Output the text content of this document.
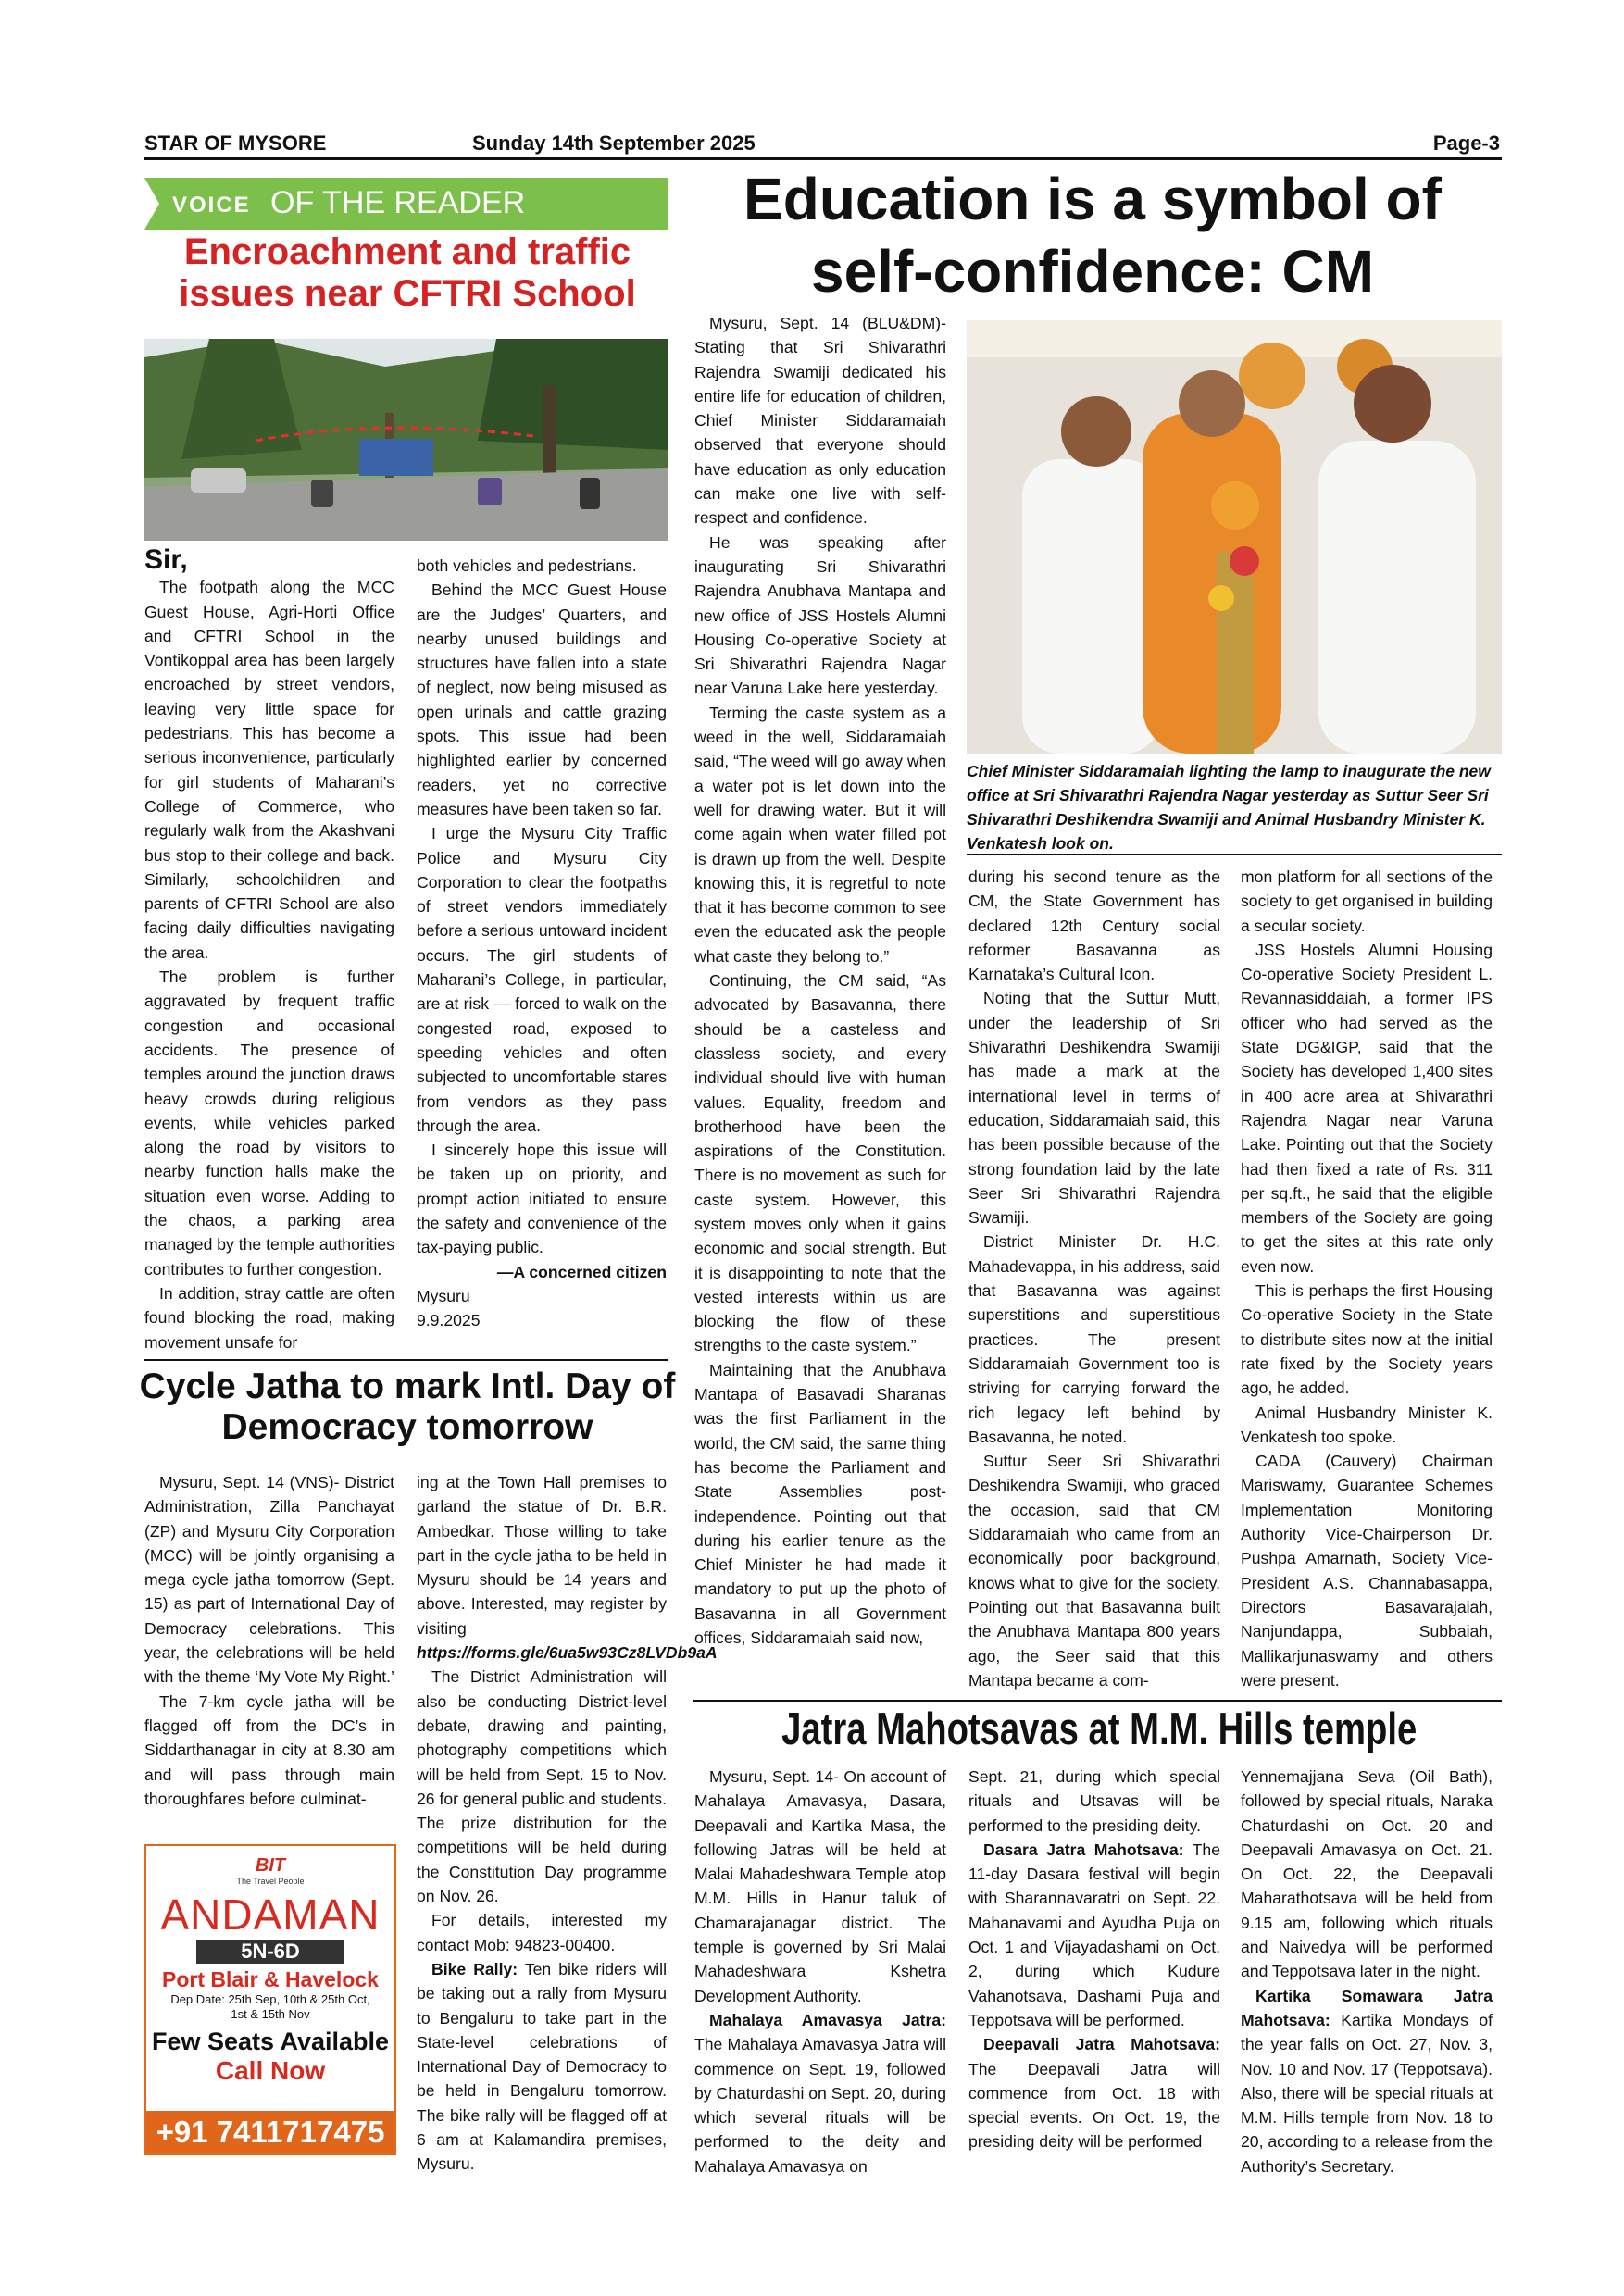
STAR OF MYSORE	Sunday 14th September 2025	Page-3
VOICE OF THE READER
Encroachment and traffic issues near CFTRI School

Sir,

The footpath along the MCC Guest House, Agri-Horti Office and CFTRI School in the Vontikoppal area has been largely encroached by street vendors, leaving very little space for pedestrians. This has become a serious inconvenience, particularly for girl students of Maharani’s College of Commerce, who regularly walk from the Akashvani bus stop to their college and back. Similarly, schoolchildren and parents of CFTRI School are also facing daily difficulties navigating the area.

The problem is further aggravated by frequent traffic congestion and occasional accidents. The presence of temples around the junction draws heavy crowds during religious events, while vehicles parked along the road by visitors to nearby function halls make the situation even worse. Adding to the chaos, a parking area managed by the temple authorities contributes to further congestion.

In addition, stray cattle are often found blocking the road, making movement unsafe for

both vehicles and pedestrians.

Behind the MCC Guest House are the Judges’ Quarters, and nearby unused buildings and structures have fallen into a state of neglect, now being misused as open urinals and cattle grazing spots. This issue had been highlighted earlier by concerned readers, yet no corrective measures have been taken so far.

I urge the Mysuru City Traffic Police and Mysuru City Corporation to clear the footpaths of street vendors immediately before a serious untoward incident occurs. The girl students of Maharani’s College, in particular, are at risk — forced to walk on the congested road, exposed to speeding vehicles and often subjected to uncomfortable stares from vendors as they pass through the area.

I sincerely hope this issue will be taken up on priority, and prompt action initiated to ensure the safety and convenience of the tax-paying public.

—A concerned citizen

Mysuru

9.9.2025

Cycle Jatha to mark Intl. Day of Democracy tomorrow

Mysuru, Sept. 14 (VNS)- District Administration, Zilla Panchayat (ZP) and Mysuru City Corporation (MCC) will be jointly organising a mega cycle jatha tomorrow (Sept. 15) as part of International Day of Democracy celebrations. This year, the celebrations will be held with the theme ‘My Vote My Right.’

The 7-km cycle jatha will be flagged off from the DC’s in Siddarthanagar in city at 8.30 am and will pass through main thoroughfares before culminat-

ing at the Town Hall premises to garland the statue of Dr. B.R. Ambedkar. Those willing to take part in the cycle jatha to be held in Mysuru should be 14 years and above. Interested, may register by visiting https://forms.gle/6ua5w93Cz8LVDb9aA

The District Administration will also be conducting District-level debate, drawing and painting, photography competitions which will be held from Sept. 15 to Nov. 26 for general public and students. The prize distribution for the competitions will be held during the Constitution Day programme on Nov. 26.

For details, interested my contact Mob: 94823-00400.

Bike Rally: Ten bike riders will be taking out a rally from Mysuru to Bengaluru to take part in the State-level celebrations of International Day of Democracy to be held in Bengaluru tomorrow. The bike rally will be flagged off at 6 am at Kalamandira premises, Mysuru.

BIT
The Travel People
ANDAMAN
5N-6D
Port Blair & Havelock
Dep Date: 25th Sep, 10th & 25th Oct, 1st & 15th Nov
Few Seats Available
Call Now
+91 7411717475
Education is a symbol of self-confidence: CM
Chief Minister Siddaramaiah lighting the lamp to inaugurate the new office at Sri Shivarathri Rajendra Nagar yesterday as Suttur Seer Sri Shivarathri Deshikendra Swamiji and Animal Husbandry Minister K. Venkatesh look on.

Mysuru, Sept. 14 (BLU&DM)- Stating that Sri Shivarathri Rajendra Swamiji dedicated his entire life for education of children, Chief Minister Siddaramaiah observed that everyone should have education as only education can make one live with self-respect and confidence.

He was speaking after inaugurating Sri Shivarathri Rajendra Anubhava Mantapa and new office of JSS Hostels Alumni Housing Co-operative Society at Sri Shivarathri Rajendra Nagar near Varuna Lake here yesterday.

Terming the caste system as a weed in the well, Siddaramaiah said, “The weed will go away when a water pot is let down into the well for drawing water. But it will come again when water filled pot is drawn up from the well. Despite knowing this, it is regretful to note that it has become common to see even the educated ask the people what caste they belong to.”

Continuing, the CM said, “As advocated by Basavanna, there should be a casteless and classless society, and every individual should live with human values. Equality, freedom and brotherhood have been the aspirations of the Constitution. There is no movement as such for caste system. However, this system moves only when it gains economic and social strength. But it is disappointing to note that the vested interests within us are blocking the flow of these strengths to the caste system.”

Maintaining that the Anubhava Mantapa of Basavadi Sharanas was the first Parliament in the world, the CM said, the same thing has become the Parliament and State Assemblies post-independence. Pointing out that during his earlier tenure as the Chief Minister he had made it mandatory to put up the photo of Basavanna in all Government offices, Siddaramaiah said now,

during his second tenure as the CM, the State Government has declared 12th Century social reformer Basavanna as Karnataka’s Cultural Icon.

Noting that the Suttur Mutt, under the leadership of Sri Shivarathri Deshikendra Swamiji has made a mark at the international level in terms of education, Siddaramaiah said, this has been possible because of the strong foundation laid by the late Seer Sri Shivarathri Rajendra Swamiji.

District Minister Dr. H.C. Mahadevappa, in his address, said that Basavanna was against superstitions and superstitious practices. The present Siddaramaiah Government too is striving for carrying forward the rich legacy left behind by Basavanna, he noted.

Suttur Seer Sri Shivarathri Deshikendra Swamiji, who graced the occasion, said that CM Siddaramaiah who came from an economically poor background, knows what to give for the society. Pointing out that Basavanna built the Anubhava Mantapa 800 years ago, the Seer said that this Mantapa became a com-

mon platform for all sections of the society to get organised in building a secular society.

JSS Hostels Alumni Housing Co-operative Society President L. Revannasiddaiah, a former IPS officer who had served as the State DG&IGP, said that the Society has developed 1,400 sites in 400 acre area at Shivarathri Rajendra Nagar near Varuna Lake. Pointing out that the Society had then fixed a rate of Rs. 311 per sq.ft., he said that the eligible members of the Society are going to get the sites at this rate only even now.

This is perhaps the first Housing Co-operative Society in the State to distribute sites now at the initial rate fixed by the Society years ago, he added.

Animal Husbandry Minister K. Venkatesh too spoke.

CADA (Cauvery) Chairman Mariswamy, Guarantee Schemes Implementation Monitoring Authority Vice-Chairperson Dr. Pushpa Amarnath, Society Vice-President A.S. Channabasappa, Directors Basavarajaiah, Nanjundappa, Subbaiah, Mallikarjunaswamy and others were present.

Jatra Mahotsavas at M.M. Hills temple

Mysuru, Sept. 14- On account of Mahalaya Amavasya, Dasara, Deepavali and Kartika Masa, the following Jatras will be held at Malai Mahadeshwara Temple atop M.M. Hills in Hanur taluk of Chamarajanagar district. The temple is governed by Sri Malai Mahadeshwara Kshetra Development Authority.

Mahalaya Amavasya Jatra: The Mahalaya Amavasya Jatra will commence on Sept. 19, followed by Chaturdashi on Sept. 20, during which several rituals will be performed to the deity and Mahalaya Amavasya on

Sept. 21, during which special rituals and Utsavas will be performed to the presiding deity.

Dasara Jatra Mahotsava: The 11-day Dasara festival will begin with Sharannavaratri on Sept. 22. Mahanavami and Ayudha Puja on Oct. 1 and Vijayadashami on Oct. 2, during which Kudure Vahanotsava, Dashami Puja and Teppotsava will be performed.

Deepavali Jatra Mahotsava: The Deepavali Jatra will commence from Oct. 18 with special events. On Oct. 19, the presiding deity will be performed

Yennemajjana Seva (Oil Bath), followed by special rituals, Naraka Chaturdashi on Oct. 20 and Deepavali Amavasya on Oct. 21. On Oct. 22, the Deepavali Maharathotsava will be held from 9.15 am, following which rituals and Naivedya will be performed and Teppotsava later in the night.

Kartika Somawara Jatra Mahotsava: Kartika Mondays of the year falls on Oct. 27, Nov. 3, Nov. 10 and Nov. 17 (Teppotsava). Also, there will be special rituals at M.M. Hills temple from Nov. 18 to 20, according to a release from the Authority’s Secretary.
